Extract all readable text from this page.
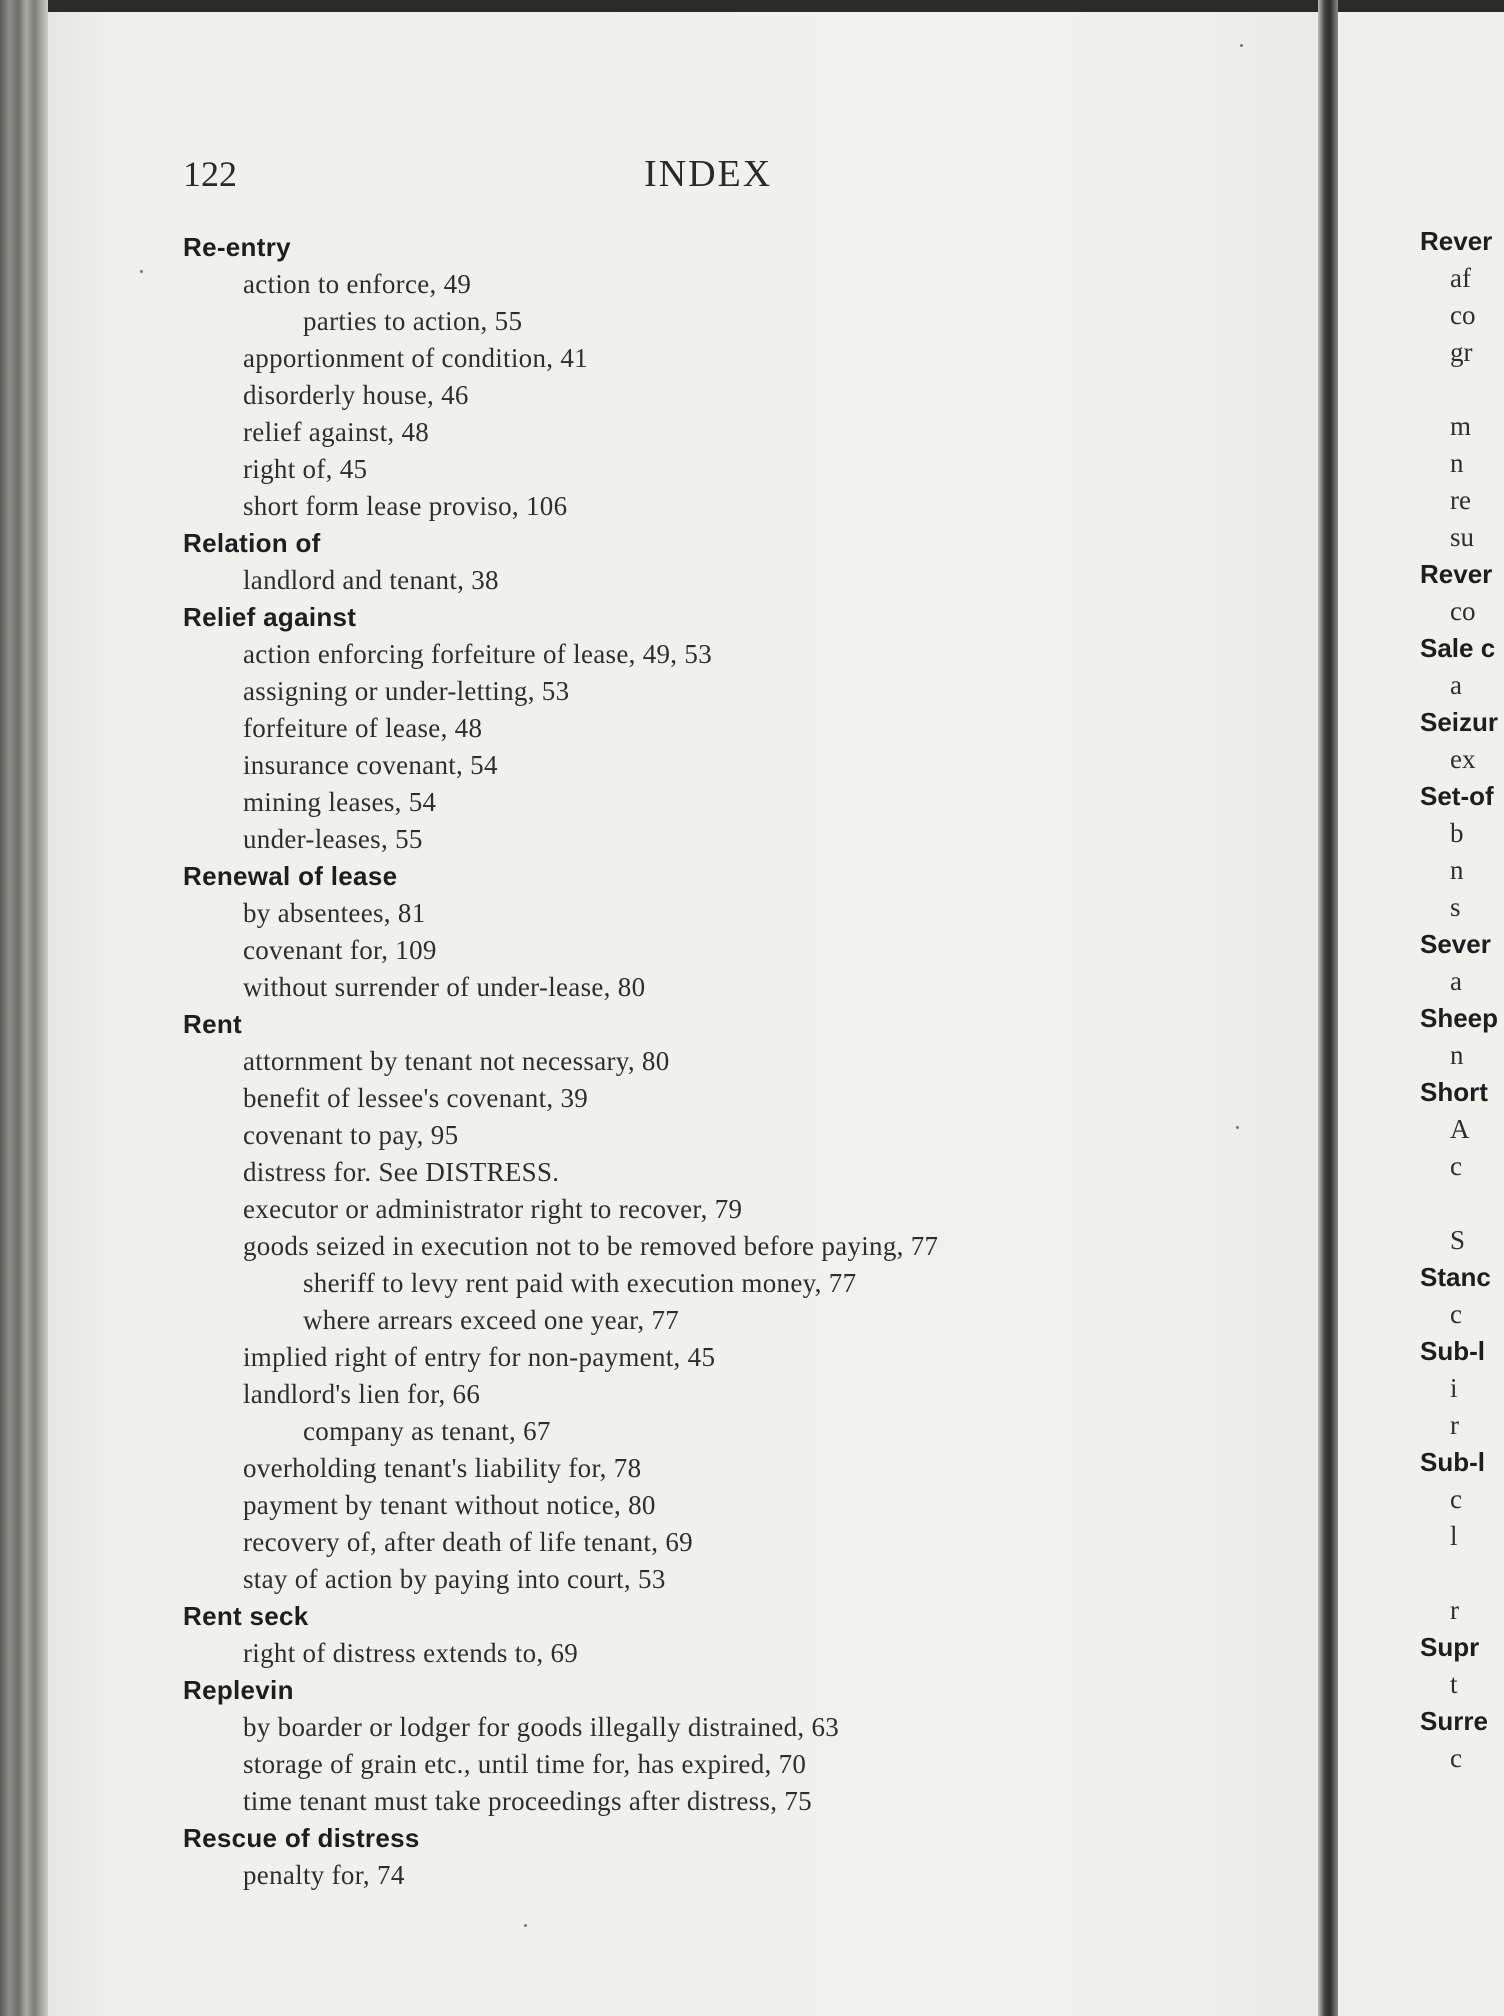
122	INDEX
Re-entry
action to enforce, 49
parties to action, 55
apportionment of condition, 41
disorderly house, 46
relief against, 48
right of, 45
short form lease proviso, 106
Relation of
landlord and tenant, 38
Relief against
action enforcing forfeiture of lease, 49, 53
assigning or under-letting, 53
forfeiture of lease, 48
insurance covenant, 54
mining leases, 54
under-leases, 55
Renewal of lease
by absentees, 81
covenant for, 109
without surrender of under-lease, 80
Rent
attornment by tenant not necessary, 80
benefit of lessee's covenant, 39
covenant to pay, 95
distress for. See DISTRESS.
executor or administrator right to recover, 79
goods seized in execution not to be removed before paying, 77
sheriff to levy rent paid with execution money, 77
where arrears exceed one year, 77
implied right of entry for non-payment, 45
landlord's lien for, 66
company as tenant, 67
overholding tenant's liability for, 78
payment by tenant without notice, 80
recovery of, after death of life tenant, 69
stay of action by paying into court, 53
Rent seck
right of distress extends to, 69
Replevin
by boarder or lodger for goods illegally distrained, 63
storage of grain etc., until time for, has expired, 70
time tenant must take proceedings after distress, 75
Rescue of distress
penalty for, 74
Rever
af
co
gr
m
n
re
su
Rever
co
Sale c
a
Seizur
ex
Set-of
b
n
s
Sever
a
Sheep
n
Short
A
c
S
Stanc
c
Sub-l
i
r
Sub-l
c
l
r
Supr
t
Surre
c
